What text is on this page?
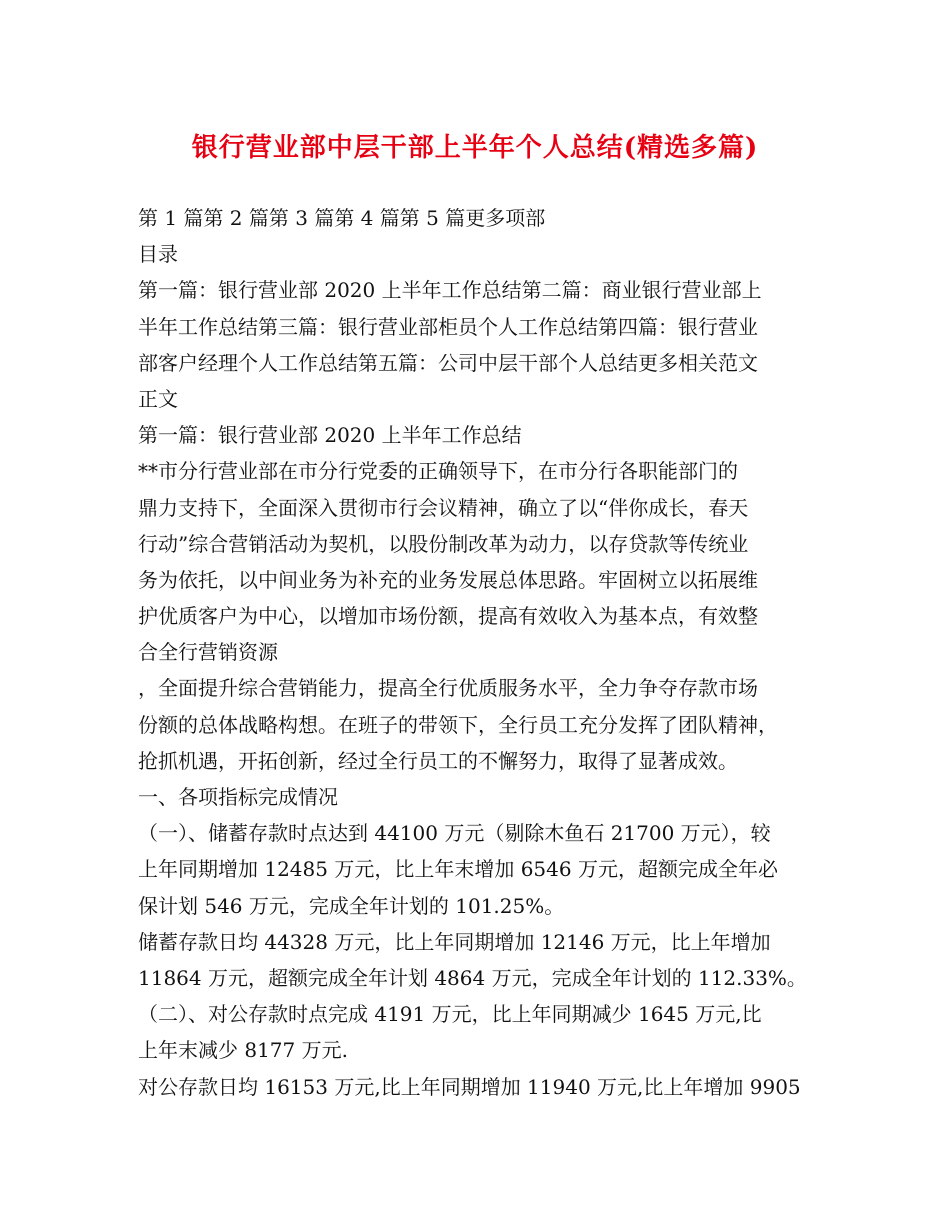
银行营业部中层干部上半年个人总结(精选多篇)
第 1 篇第 2 篇第 3 篇第 4 篇第 5 篇更多项部
目录
第一篇：银行营业部 2020 上半年工作总结第二篇：商业银行营业部上
半年工作总结第三篇：银行营业部柜员个人工作总结第四篇：银行营业
部客户经理个人工作总结第五篇：公司中层干部个人总结更多相关范文
正文
第一篇：银行营业部 2020 上半年工作总结
**市分行营业部在市分行党委的正确领导下，在市分行各职能部门的
鼎力支持下，全面深入贯彻市行会议精神，确立了以“伴你成长，春天
行动”综合营销活动为契机，以股份制改革为动力，以存贷款等传统业
务为依托，以中间业务为补充的业务发展总体思路。牢固树立以拓展维
护优质客户为中心，以增加市场份额，提高有效收入为基本点，有效整
合全行营销资源
，全面提升综合营销能力，提高全行优质服务水平，全力争夺存款市场
份额的总体战略构想。在班子的带领下，全行员工充分发挥了团队精神，
抢抓机遇，开拓创新，经过全行员工的不懈努力，取得了显著成效。
一、各项指标完成情况
（一）、储蓄存款时点达到 44100 万元（剔除木鱼石 21700 万元），较
上年同期增加 12485 万元，比上年末增加 6546 万元，超额完成全年必
保计划 546 万元，完成全年计划的 101.25%。
储蓄存款日均 44328 万元，比上年同期增加 12146 万元，比上年增加
11864 万元，超额完成全年计划 4864 万元，完成全年计划的 112.33%。
（二）、对公存款时点完成 4191 万元，比上年同期减少 1645 万元,比
上年末减少 8177 万元.
对公存款日均 16153 万元,比上年同期增加 11940 万元,比上年增加 9905
